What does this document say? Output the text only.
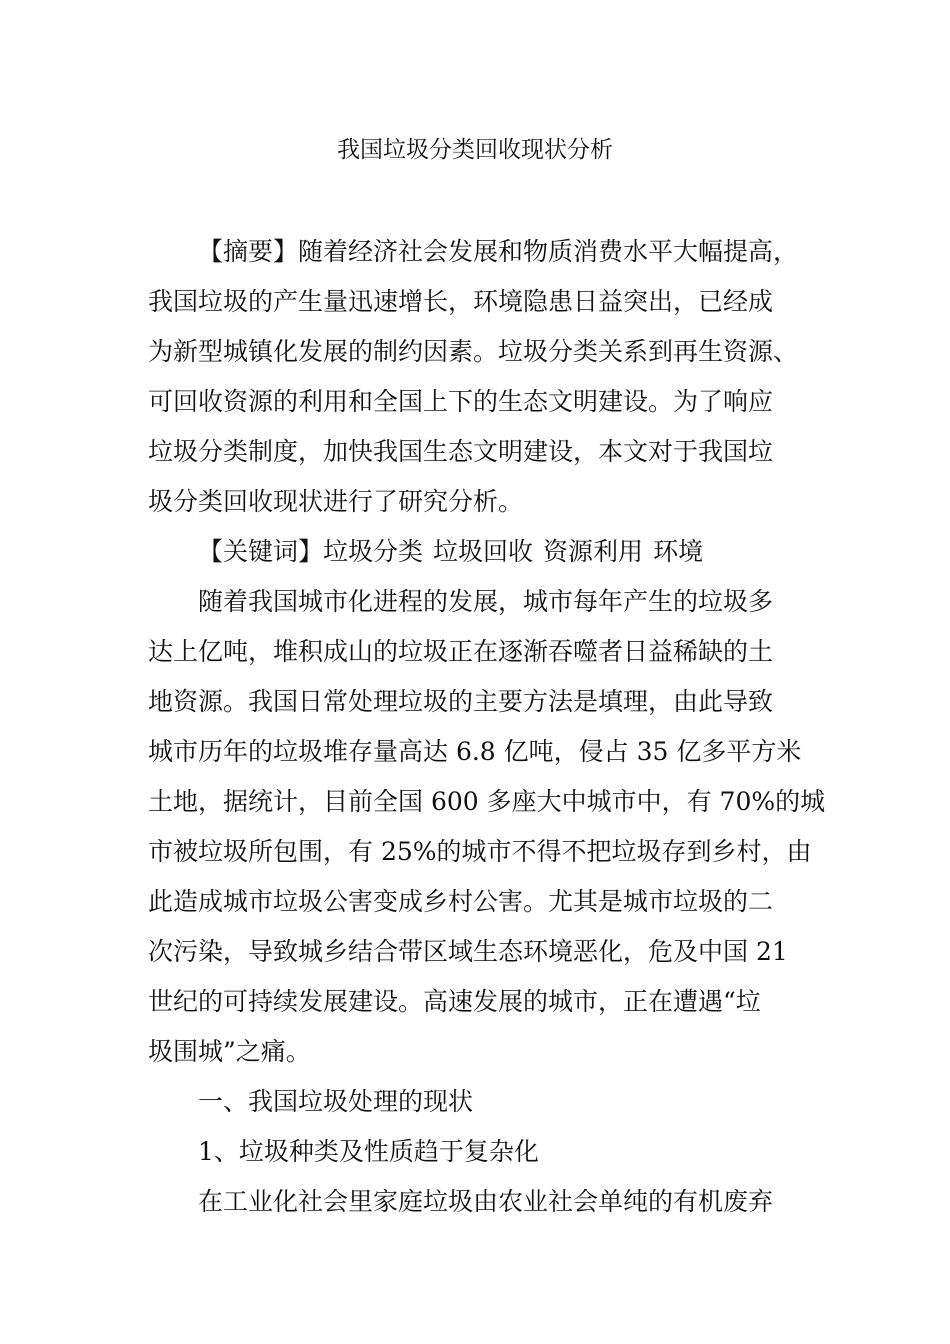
我国垃圾分类回收现状分析
【摘要】随着经济社会发展和物质消费水平大幅提高，
我国垃圾的产生量迅速增长，环境隐患日益突出，已经成
为新型城镇化发展的制约因素。垃圾分类关系到再生资源、
可回收资源的利用和全国上下的生态文明建设。为了响应
垃圾分类制度，加快我国生态文明建设，本文对于我国垃
圾分类回收现状进行了研究分析。
【关键词】垃圾分类 垃圾回收 资源利用 环境
随着我国城市化进程的发展，城市每年产生的垃圾多
达上亿吨，堆积成山的垃圾正在逐渐吞噬者日益稀缺的土
地资源。我国日常处理垃圾的主要方法是填理，由此导致
城市历年的垃圾堆存量高达 6.8 亿吨，侵占 35 亿多平方米
土地，据统计，目前全国 600 多座大中城市中，有 70%的城
市被垃圾所包围，有 25%的城市不得不把垃圾存到乡村，由
此造成城市垃圾公害变成乡村公害。尤其是城市垃圾的二
次污染，导致城乡结合带区域生态环境恶化，危及中国 21
世纪的可持续发展建设。高速发展的城市，正在遭遇“垃
圾围城”之痛。
一、我国垃圾处理的现状
1、垃圾种类及性质趋于复杂化
在工业化社会里家庭垃圾由农业社会单纯的有机废弃
